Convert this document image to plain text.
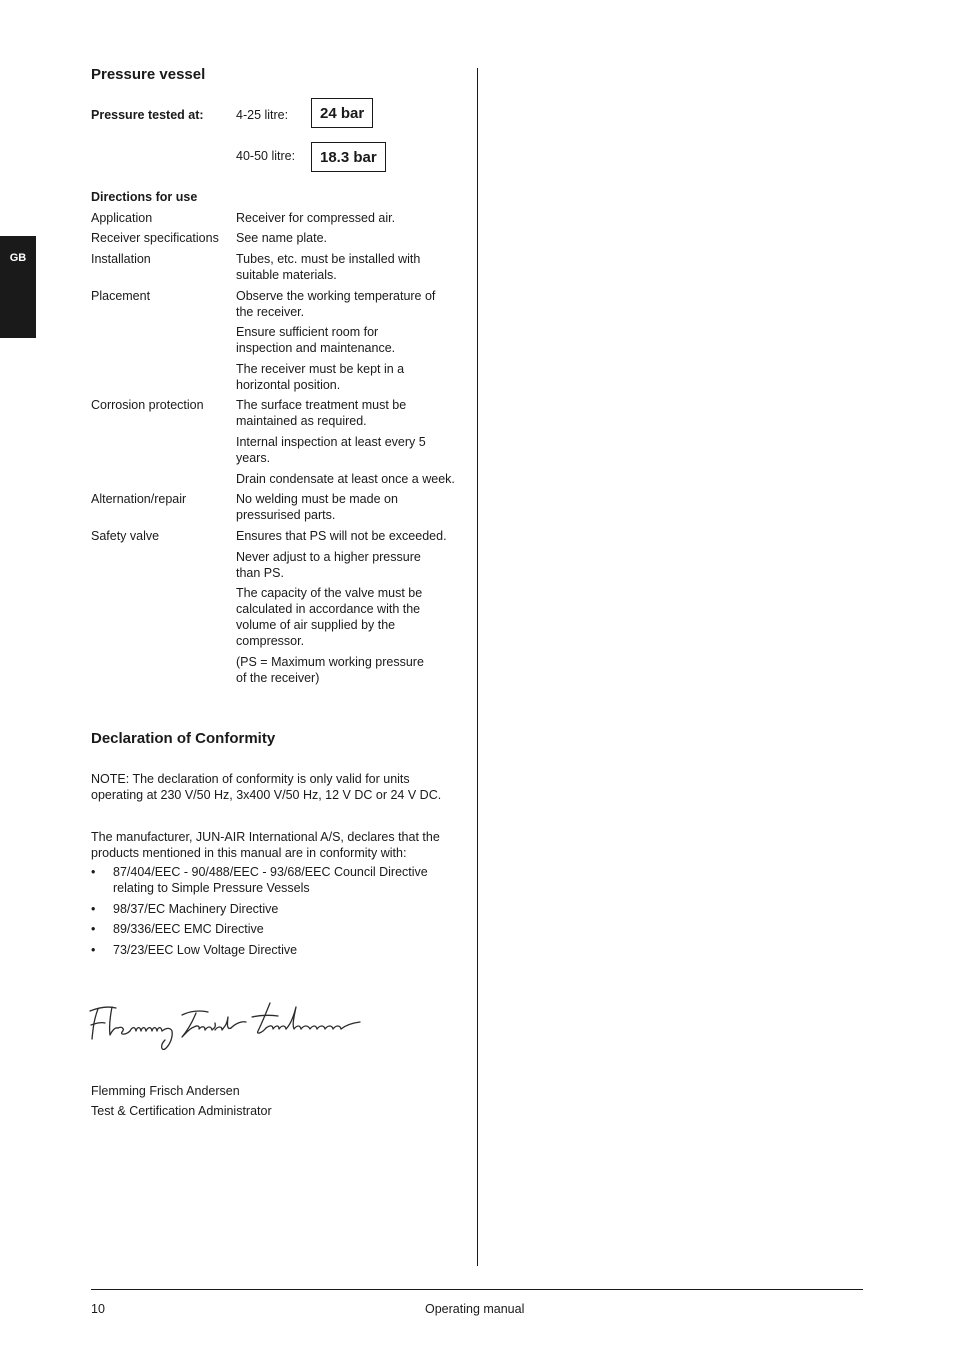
GB
Pressure vessel
Pressure tested at:	4-25 litre:	24 bar
40-50 litre:	18.3 bar
Directions for use
Application	Receiver for compressed air.
Receiver specifications	See name plate.
Installation	Tubes, etc. must be installed with suitable materials.
Placement	Observe the working temperature of the receiver.
Ensure sufficient room for inspection and maintenance.
The receiver must be kept in a horizontal position.
Corrosion protection	The surface treatment must be maintained as required.
Internal inspection at least every 5 years.
Drain condensate at least once a week.
Alternation/repair	No welding must be made on pressurised parts.
Safety valve	Ensures that PS will not be exceeded.
Never adjust to a higher pressure than PS.
The capacity of the valve must be calculated in accordance with the volume of air supplied by the compressor.
(PS = Maximum working pressure of the receiver)
Declaration of Conformity
NOTE: The declaration of conformity is only valid for units operating at 230 V/50 Hz, 3x400 V/50 Hz, 12 V DC or 24 V DC.
The manufacturer, JUN-AIR International A/S, declares that the products mentioned in this manual are in conformity with:
• 87/404/EEC - 90/488/EEC - 93/68/EEC Council Directive relating to Simple Pressure Vessels
• 98/37/EC Machinery Directive
• 89/336/EEC EMC Directive
• 73/23/EEC Low Voltage Directive
Flemming Frisch Andersen
Test & Certification Administrator
10	Operating manual
